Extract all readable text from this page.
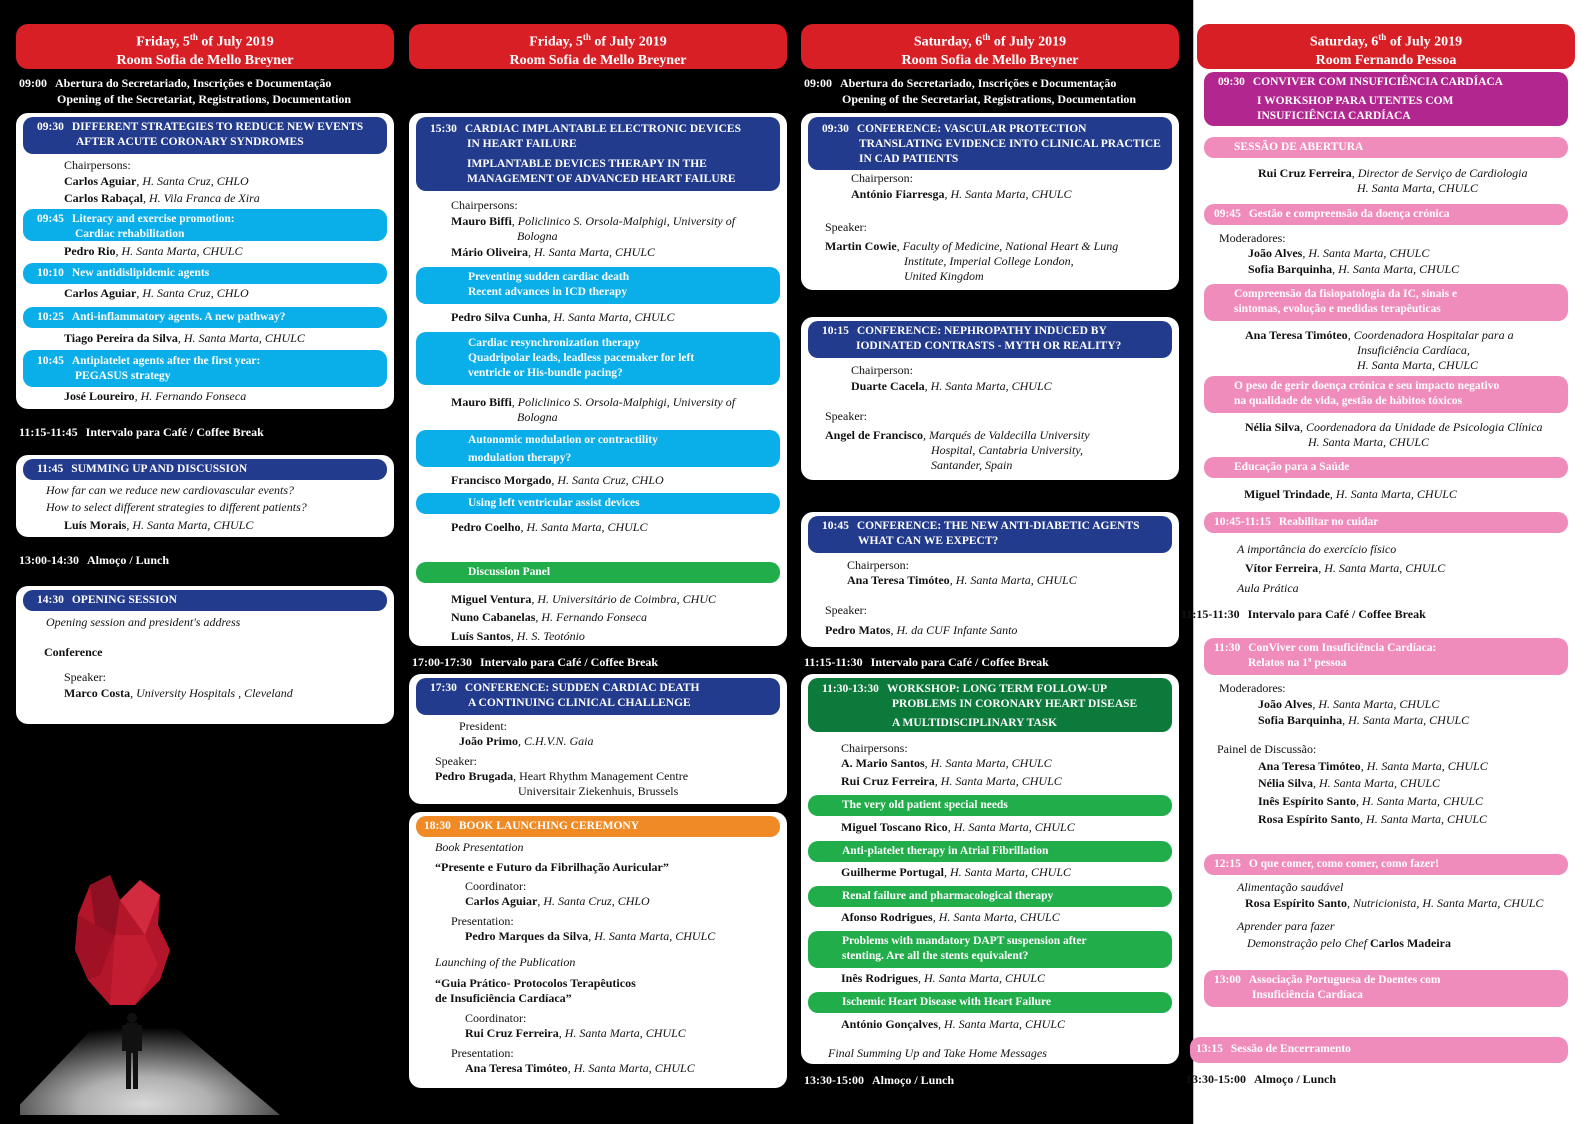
Friday, 5th of July 2019
Room Sofia de Mello Breyner
09:00 Abertura do Secretariado, Inscrições e Documentação
Opening of the Secretariat, Registrations, Documentation
09:30 DIFFERENT STRATEGIES TO REDUCE NEW EVENTS
AFTER ACUTE CORONARY SYNDROMES
Chairpersons:
Carlos Aguiar, H. Santa Cruz, CHLO
Carlos Rabaçal, H. Vila Franca de Xira
09:45 Literacy and exercise promotion:
Cardiac rehabilitation
Pedro Rio, H. Santa Marta, CHULC
10:10 New antidislipidemic agents
Carlos Aguiar, H. Santa Cruz, CHLO
10:25 Anti-inflammatory agents. A new pathway?
Tiago Pereira da Silva, H. Santa Marta, CHULC
10:45 Antiplatelet agents after the first year:
PEGASUS strategy
José Loureiro, H. Fernando Fonseca
11:15-11:45 Intervalo para Café / Coffee Break
11:45 SUMMING UP AND DISCUSSION
How far can we reduce new cardiovascular events?
How to select different strategies to different patients?
Luís Morais, H. Santa Marta, CHULC
13:00-14:30 Almoço / Lunch
14:30 OPENING SESSION
Opening session and president's address
Conference
Speaker:
Marco Costa, University Hospitals , Cleveland
Friday, 5th of July 2019
Room Sofia de Mello Breyner
15:30 CARDIAC IMPLANTABLE ELECTRONIC DEVICES
IN HEART FAILURE
IMPLANTABLE DEVICES THERAPY IN THE
MANAGEMENT OF ADVANCED HEART FAILURE
Chairpersons:
Mauro Biffi, Policlinico S. Orsola-Malphigi, University of
Bologna
Mário Oliveira, H. Santa Marta, CHULC
Preventing sudden cardiac death
Recent advances in ICD therapy
Pedro Silva Cunha, H. Santa Marta, CHULC
Cardiac resynchronization therapy
Quadripolar leads, leadless pacemaker for left
ventricle or His-bundle pacing?
Mauro Biffi, Policlinico S. Orsola-Malphigi, University of
Bologna
Autonomic modulation or contractility
modulation therapy?
Francisco Morgado, H. Santa Cruz, CHLO
Using left ventricular assist devices
Pedro Coelho, H. Santa Marta, CHULC
Discussion Panel
Miguel Ventura, H. Universitário de Coimbra, CHUC
Nuno Cabanelas, H. Fernando Fonseca
Luís Santos, H. S. Teotónio
17:00-17:30 Intervalo para Café / Coffee Break
17:30 CONFERENCE: SUDDEN CARDIAC DEATH
A CONTINUING CLINICAL CHALLENGE
President:
João Primo, C.H.V.N. Gaia
Speaker:
Pedro Brugada, Heart Rhythm Management Centre
Universitair Ziekenhuis, Brussels
18:30 BOOK LAUNCHING CEREMONY
Book Presentation
“Presente e Futuro da Fibrilhação Auricular”
Coordinator:
Carlos Aguiar, H. Santa Cruz, CHLO
Presentation:
Pedro Marques da Silva, H. Santa Marta, CHULC
Launching of the Publication
“Guia Prático- Protocolos Terapêuticos
de Insuficiência Cardíaca”
Coordinator:
Rui Cruz Ferreira, H. Santa Marta, CHULC
Presentation:
Ana Teresa Timóteo, H. Santa Marta, CHULC
Saturday, 6th of July 2019
Room Sofia de Mello Breyner
09:00 Abertura do Secretariado, Inscrições e Documentação
Opening of the Secretariat, Registrations, Documentation
09:30 CONFERENCE: VASCULAR PROTECTION
TRANSLATING EVIDENCE INTO CLINICAL PRACTICE
IN CAD PATIENTS
Chairperson:
António Fiarresga, H. Santa Marta, CHULC
Speaker:
Martin Cowie, Faculty of Medicine, National Heart & Lung
Institute, Imperial College London,
United Kingdom
10:15 CONFERENCE: NEPHROPATHY INDUCED BY
IODINATED CONTRASTS - MYTH OR REALITY?
Chairperson:
Duarte Cacela, H. Santa Marta, CHULC
Speaker:
Angel de Francisco, Marqués de Valdecilla University
Hospital, Cantabria University,
Santander, Spain
10:45 CONFERENCE: THE NEW ANTI-DIABETIC AGENTS
WHAT CAN WE EXPECT?
Chairperson:
Ana Teresa Timóteo, H. Santa Marta, CHULC
Speaker:
Pedro Matos, H. da CUF Infante Santo
11:15-11:30 Intervalo para Café / Coffee Break
11:30-13:30 WORKSHOP: LONG TERM FOLLOW-UP
PROBLEMS IN CORONARY HEART DISEASE
A MULTIDISCIPLINARY TASK
Chairpersons:
A. Mario Santos, H. Santa Marta, CHULC
Rui Cruz Ferreira, H. Santa Marta, CHULC
The very old patient special needs
Miguel Toscano Rico, H. Santa Marta, CHULC
Anti-platelet therapy in Atrial Fibrillation
Guilherme Portugal, H. Santa Marta, CHULC
Renal failure and pharmacological therapy
Afonso Rodrigues, H. Santa Marta, CHULC
Problems with mandatory DAPT suspension after
stenting. Are all the stents equivalent?
Inês Rodrigues, H. Santa Marta, CHULC
Ischemic Heart Disease with Heart Failure
António Gonçalves, H. Santa Marta, CHULC
Final Summing Up and Take Home Messages
13:30-15:00 Almoço / Lunch
Saturday, 6th of July 2019
Room Fernando Pessoa
09:30 CONVIVER COM INSUFICIÊNCIA CARDÍACA
I WORKSHOP PARA UTENTES COM
INSUFICIÊNCIA CARDÍACA
SESSÃO DE ABERTURA
Rui Cruz Ferreira, Director de Serviço de Cardiologia
H. Santa Marta, CHULC
09:45 Gestão e compreensão da doença crónica
Moderadores:
João Alves, H. Santa Marta, CHULC
Sofia Barquinha, H. Santa Marta, CHULC
Compreensão da fisiopatologia da IC, sinais e
sintomas, evolução e medidas terapêuticas
Ana Teresa Timóteo, Coordenadora Hospitalar para a
Insuficiência Cardíaca,
H. Santa Marta, CHULC
O peso de gerir doença crónica e seu impacto negativo
na qualidade de vida, gestão de hábitos tóxicos
Nélia Silva, Coordenadora da Unidade de Psicologia Clínica
H. Santa Marta, CHULC
Educação para a Saúde
Miguel Trindade, H. Santa Marta, CHULC
10:45-11:15 Reabilitar no cuidar
A importância do exercício físico
Vítor Ferreira, H. Santa Marta, CHULC
Aula Prática
11:15-11:30 Intervalo para Café / Coffee Break
11:30 ConViver com Insuficiência Cardíaca:
Relatos na 1ª pessoa
Moderadores:
João Alves, H. Santa Marta, CHULC
Sofia Barquinha, H. Santa Marta, CHULC
Painel de Discussão:
Ana Teresa Timóteo, H. Santa Marta, CHULC
Nélia Silva, H. Santa Marta, CHULC
Inês Espírito Santo, H. Santa Marta, CHULC
Rosa Espírito Santo, H. Santa Marta, CHULC
12:15 O que comer, como comer, como fazer!
Alimentação saudável
Rosa Espírito Santo, Nutricionista, H. Santa Marta, CHULC
Aprender para fazer
Demonstração pelo Chef Carlos Madeira
13:00 Associação Portuguesa de Doentes com
Insuficiência Cardíaca
13:15 Sessão de Encerramento
13:30-15:00 Almoço / Lunch
